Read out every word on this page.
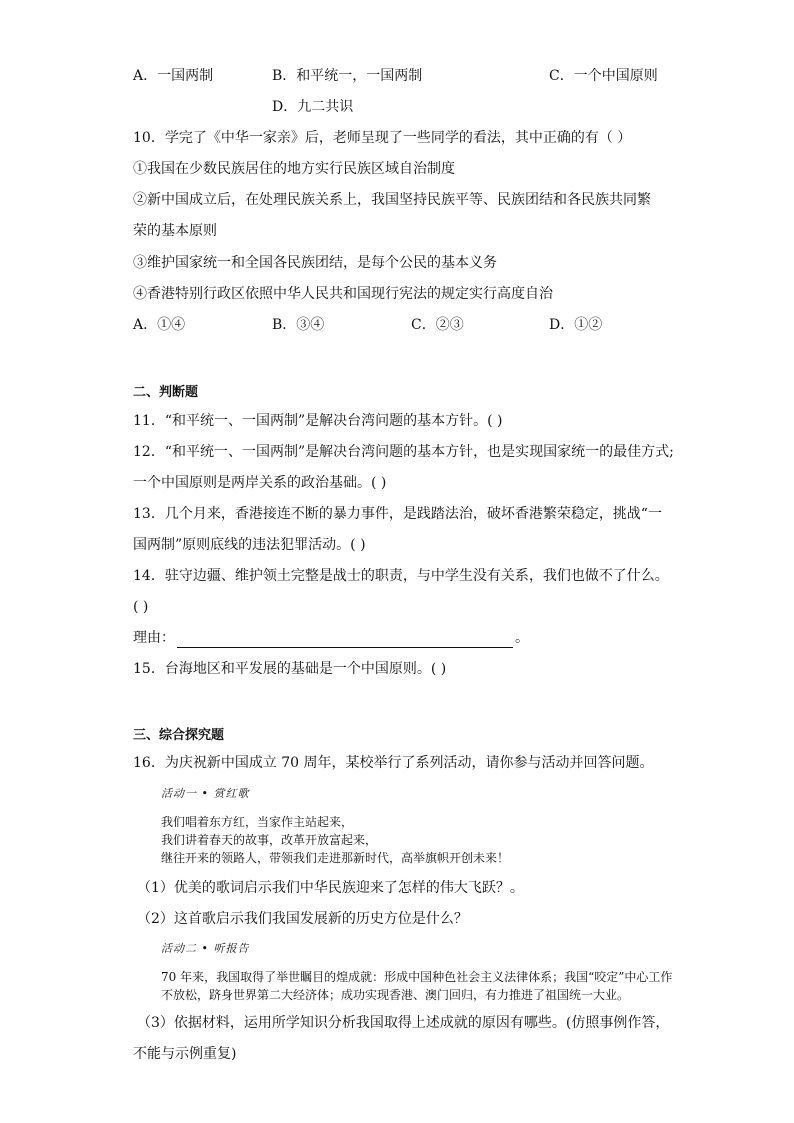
A．一国两制	B．和平统一，一国两制	C．一个中国原则
D．九二共识
10．学完了《中华一家亲》后，老师呈现了一些同学的看法，其中正确的有（ ）
①我国在少数民族居住的地方实行民族区域自治制度
②新中国成立后，在处理民族关系上，我国坚持民族平等、民族团结和各民族共同繁
荣的基本原则
③维护国家统一和全国各民族团结，是每个公民的基本义务
④香港特别行政区依照中华人民共和国现行宪法的规定实行高度自治
A．①④	B．③④	C．②③	D．①②
二、判断题
11．“和平统一、一国两制”是解决台湾问题的基本方针。( )
12．“和平统一、一国两制”是解决台湾问题的基本方针，也是实现国家统一的最佳方式;
一个中国原则是两岸关系的政治基础。( )
13．几个月来，香港接连不断的暴力事件，是践踏法治，破坏香港繁荣稳定，挑战“一
国两制”原则底线的违法犯罪活动。( )
14．驻守边疆、维护领土完整是战士的职责，与中学生没有关系，我们也做不了什么。
( )
理由：	。
15．台海地区和平发展的基础是一个中国原则。( )
三、综合探究题
16．为庆祝新中国成立 70 周年，某校举行了系列活动，请你参与活动并回答问题。
活动一 • 赏红歌
我们唱着东方红，当家作主站起来，
我们讲着春天的故事，改革开放富起来，
继往开来的领路人，带领我们走进那新时代，高举旗帜开创未来！
（1）优美的歌词启示我们中华民族迎来了怎样的伟大飞跃？。
（2）这首歌启示我们我国发展新的历史方位是什么？
活动二 • 听报告
70 年来，我国取得了举世瞩目的煌成就：形成中国种色社会主义法律体系；我国“咬定”中心工作
不放松，跻身世界第二大经济体；成功实现香港、澳门回归，有力推进了祖国统一大业。
（3）依据材料，运用所学知识分析我国取得上述成就的原因有哪些。(仿照事例作答，
不能与示例重复)
